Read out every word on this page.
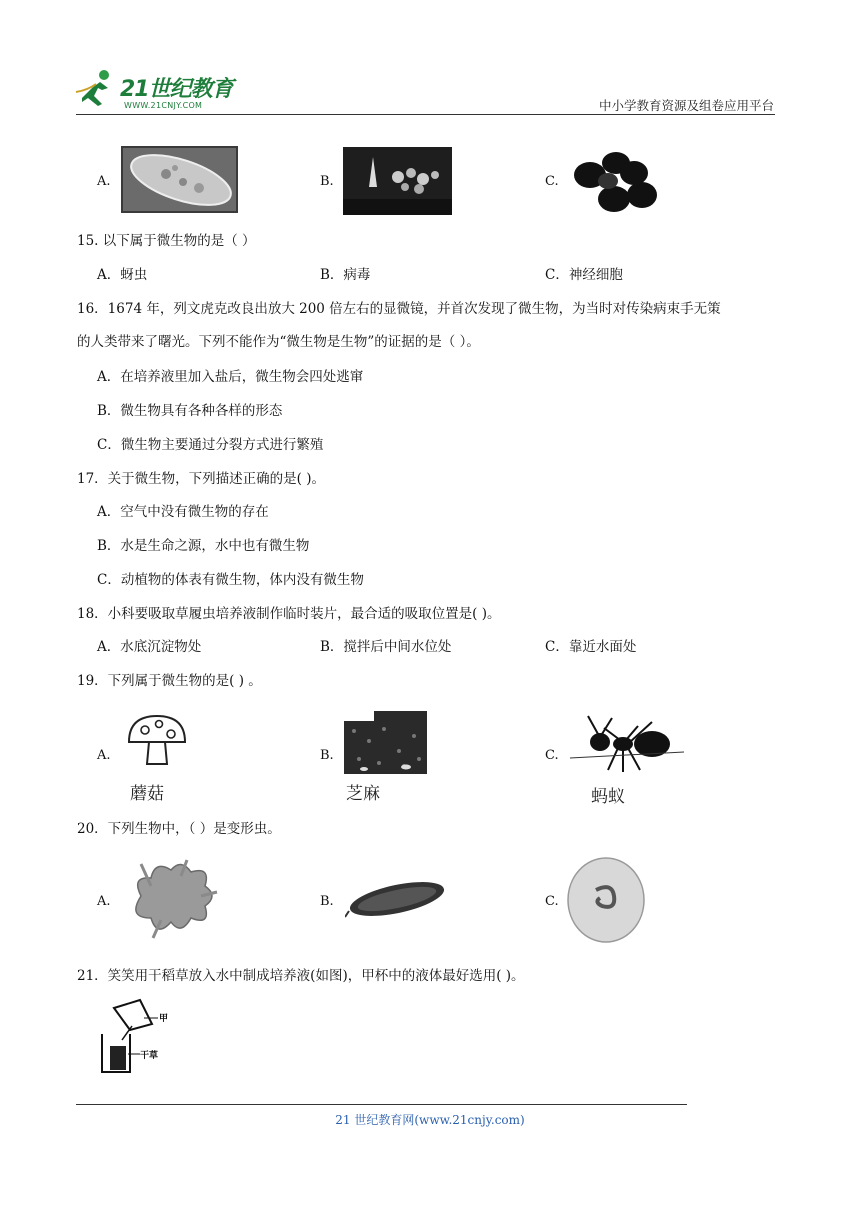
21世纪教育
WWW.21CNJY.COM	中小学教育资源及组卷应用平台
A.	B.	C.
15. 以下属于微生物的是（ ）
A．蚜虫	B．病毒	C．神经细胞
16．1674 年，列文虎克改良出放大 200 倍左右的显微镜，并首次发现了微生物，为当时对传染病束手无策
的人类带来了曙光。下列不能作为“微生物是生物”的证据的是（ ）。
A．在培养液里加入盐后，微生物会四处逃窜
B．微生物具有各种各样的形态
C．微生物主要通过分裂方式进行繁殖
17．关于微生物，下列描述正确的是( )。
A．空气中没有微生物的存在
B．水是生命之源，水中也有微生物
C．动植物的体表有微生物，体内没有微生物
18．小科要吸取草履虫培养液制作临时装片，最合适的吸取位置是( )。
A．水底沉淀物处	B．搅拌后中间水位处	C．靠近水面处
19．下列属于微生物的是( ) 。
A.
蘑菇
B.
芝麻
C.
蚂蚁
20．下列生物中，（ ）是变形虫。
A.	B.	C.
21．笑笑用干稻草放入水中制成培养液(如图)，甲杯中的液体最好选用( )。
甲
干草
21 世纪教育网(www.21cnjy.com)
